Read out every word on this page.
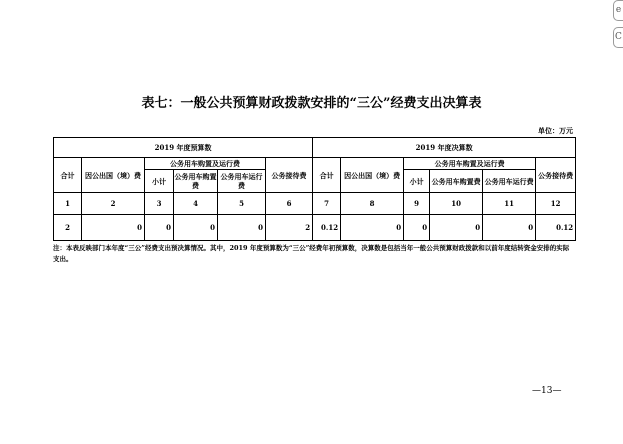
e
C
表七：一般公共预算财政拨款安排的“三公”经费支出决算表
单位：万元
2019 年度预算数						2019 年度决算数					
合计	因公出国（境）费	公务用车购置及运行费			公务接待费	合计	因公出国（境）费	公务用车购置及运行费			公务接待费
		小计	公务用车购置费	公务用车运行费				小计	公务用车购置费	公务用车运行费	
1	2	3	4	5	6	7	8	9	10	11	12
2	0	0	0	0	2	0.12	0	0	0	0	0.12
注：本表反映部门本年度“三公”经费支出预决算情况。其中，2019 年度预算数为“三公”经费年初预算数，决算数是包括当年一般公共预算财政拨款和以前年度结转资金安排的实际支出。
—13—
